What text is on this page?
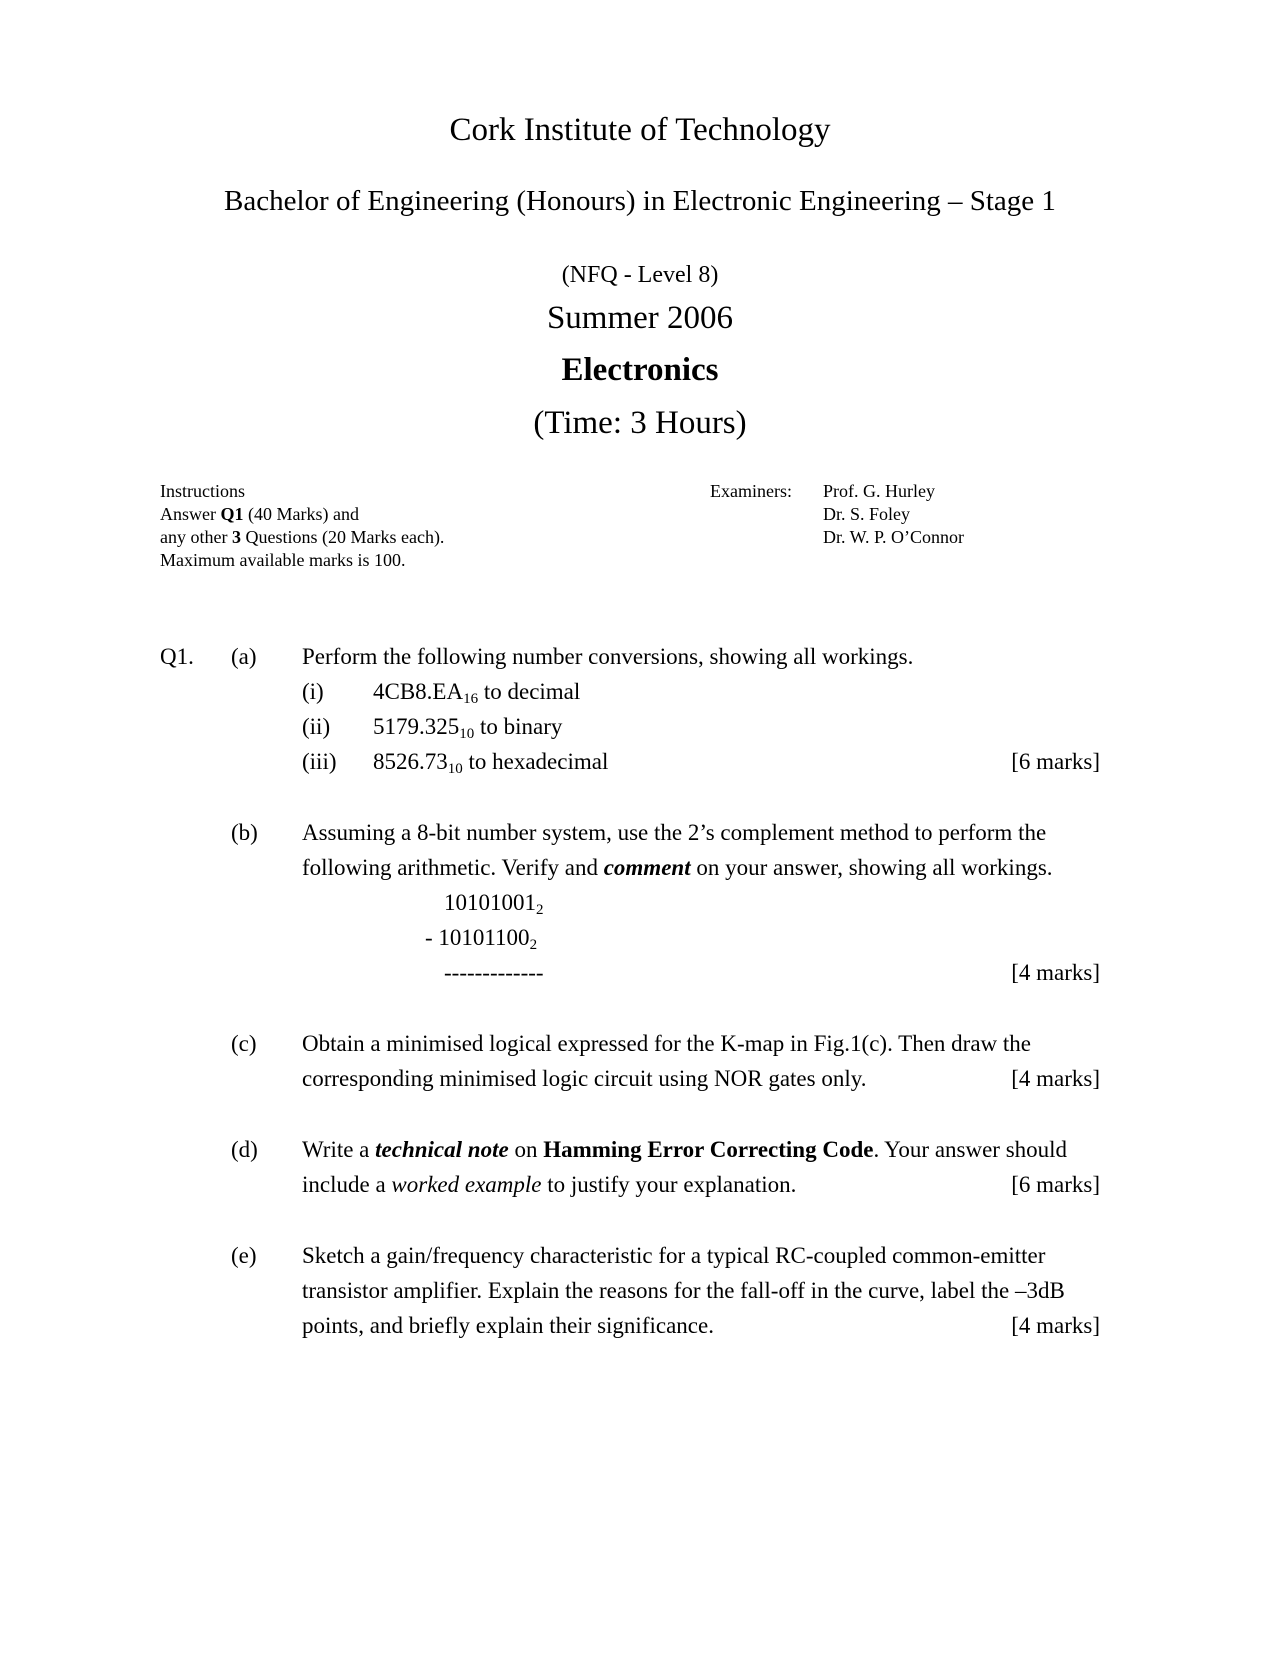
Cork Institute of Technology
Bachelor of Engineering (Honours) in Electronic Engineering – Stage 1
(NFQ - Level 8)
Summer 2006
Electronics
(Time: 3 Hours)
Instructions
Answer Q1 (40 Marks) and
any other 3 Questions (20 Marks each).
Maximum available marks is 100.
Examiners: Prof. G. Hurley
Dr. S. Foley
Dr. W. P. O’Connor
Q1. (a) Perform the following number conversions, showing all workings.
(i) $4CB8.EA_{16}$ to decimal
(ii) $5179.325_{10}$ to binary
(iii) $8526.73_{10}$ to hexadecimal	[6 marks]
(b) Assuming a 8-bit number system, use the 2’s complement method to perform the
following arithmetic. Verify and comment on your answer, showing all workings.
$10101001_2$
- $10101100_2$
-------------	[4 marks]
(c) Obtain a minimised logical expressed for the K-map in Fig.1(c). Then draw the
corresponding minimised logic circuit using NOR gates only.	[4 marks]
(d) Write a technical note on Hamming Error Correcting Code. Your answer should
include a worked example to justify your explanation.	[6 marks]
(e) Sketch a gain/frequency characteristic for a typical RC-coupled common-emitter
transistor amplifier. Explain the reasons for the fall-off in the curve, label the –3dB
points, and briefly explain their significance.	[4 marks]
